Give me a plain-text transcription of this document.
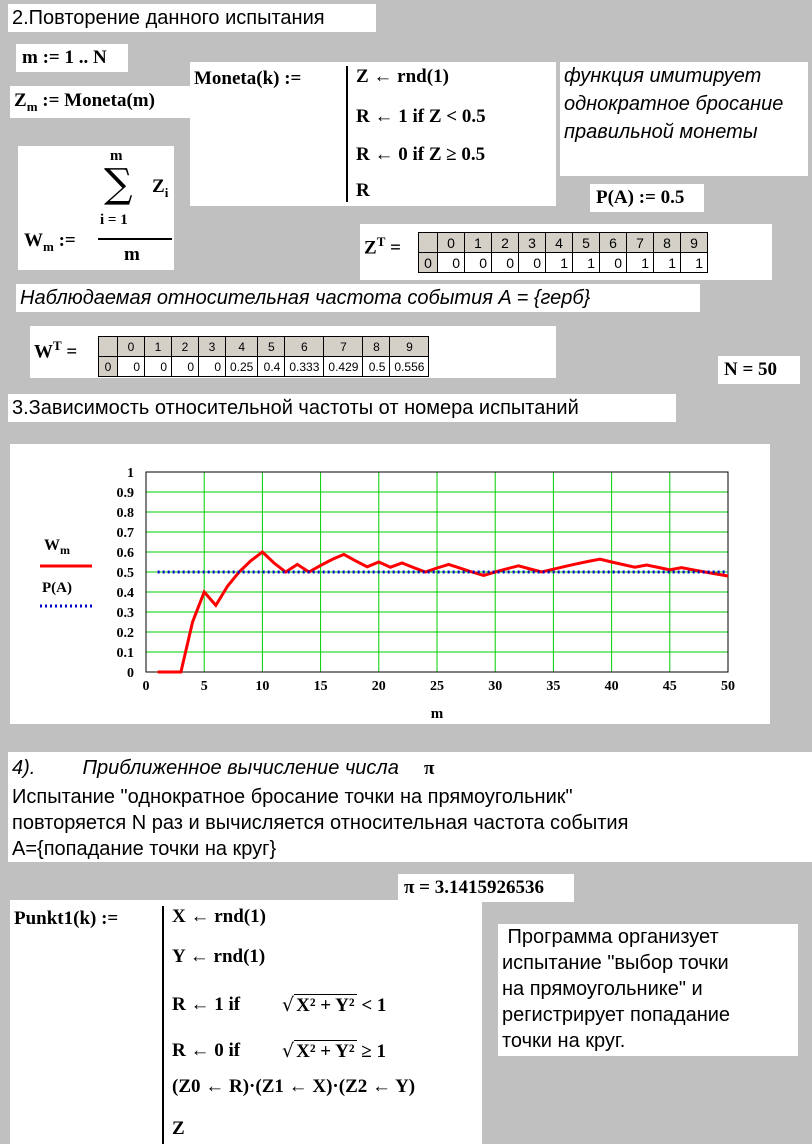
2.Повторение данного испытания
m := 1 .. N
$Z_m$ := Moneta(m)
Moneta(k) :=	Z ← rnd(1)
R ← 1 if Z < 0.5
R ← 0 if Z ≥ 0.5
R
функция имитирует однократное бросание правильной монеты
P(A) := 0.5
$W_m$ :=
m
∑
i = 1
$Z_i$
m	$Z^T$ =
		0	1	2	3	4	5	6	7	8	9
0	0	0	0	0	1	1	0	1	1	1
Наблюдаемая относительная частота события A = {герб}
$W^T$ =
		0	1	2	3	4	5	6	7	8	9
0	0	0	0	0	0.25	0.4	0.333	0.429	0.5	0.556	N = 50
3.Зависимость относительной частоты от номера испытаний
0
0.1
0.2
0.3
0.4
0.5
0.6
0.7
0.8
0.9
1
0	5	10	15	20	25	30	35	40	45	50
m
$W_m$
P(A)
4). Приближенное вычисление числа π
Испытание "однократное бросание точки на прямоугольник"
повторяется N раз и вычисляется относительная частота события
A={попадание точки на круг}
π = 3.1415926536
Punkt1(k) :=	X ← rnd(1)
Y ← rnd(1)
R ← 1 if √ X² + Y² < 1
R ← 0 if √ X² + Y² ≥ 1
(Z0 ← R)·(Z1 ← X)·(Z2 ← Y)
Z
Программа организует
испытание "выбор точки
на прямоугольнике" и
регистрирует попадание
точки на круг.
